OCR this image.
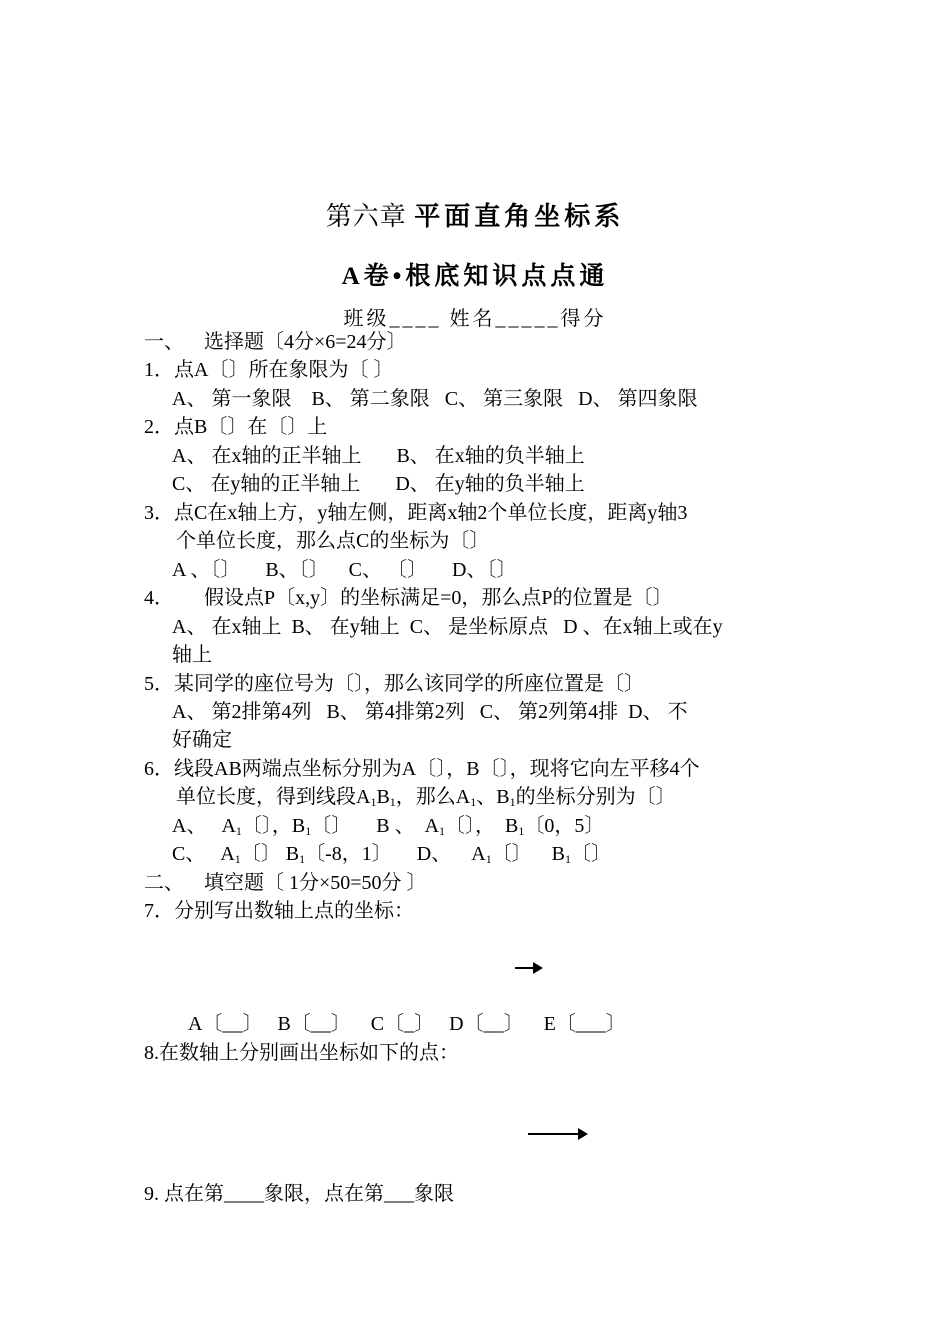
第六章 平面直角坐标系
A卷•根底知识点点通
班级____ 姓名_____得分
一、    选择题〔4分×6=24分〕
1．点A〔〕所在象限为〔 〕
A、 第一象限    B、 第二象限   C、 第三象限   D、 第四象限
2．点B〔〕在〔〕上
A、 在x轴的正半轴上       B、 在x轴的负半轴上
C、 在y轴的正半轴上       D、 在y轴的负半轴上
3．点C在x轴上方，y轴左侧，距离x轴2个单位长度，距离y轴3
个单位长度，那么点C的坐标为〔〕
A 、〔〕     B、〔〕    C、 〔〕     D、〔〕
4．      假设点P〔x,y〕的坐标满足=0，那么点P的位置是〔〕
A、 在x轴上  B、 在y轴上  C、 是坐标原点   D 、在x轴上或在y
轴上
5．某同学的座位号为〔〕，那么该同学的所座位置是〔〕
A、 第2排第4列   B、 第4排第2列   C、 第2列第4排  D、 不
好确定
6．线段AB两端点坐标分别为A〔〕，B〔〕，现将它向左平移4个
单位长度，得到线段$A_1B_1$，那么$A_1$、$B_1$的坐标分别为〔〕
A、   $A_1$〔〕，$B_1$〔〕     B 、  $A_1$〔〕，  $B_1$〔0，5〕
C、   $A_1$〔〕 $B_1$〔-8，1〕     D、    $A_1$〔〕    $B_1$〔〕
二、    填空题〔 1分×50=50分 〕
7．分别写出数轴上点的坐标：
A〔__〕   B〔__〕    C〔_〕   D〔__〕    E〔___〕
8.在数轴上分别画出坐标如下的点：
9. 点在第____象限，点在第___象限
